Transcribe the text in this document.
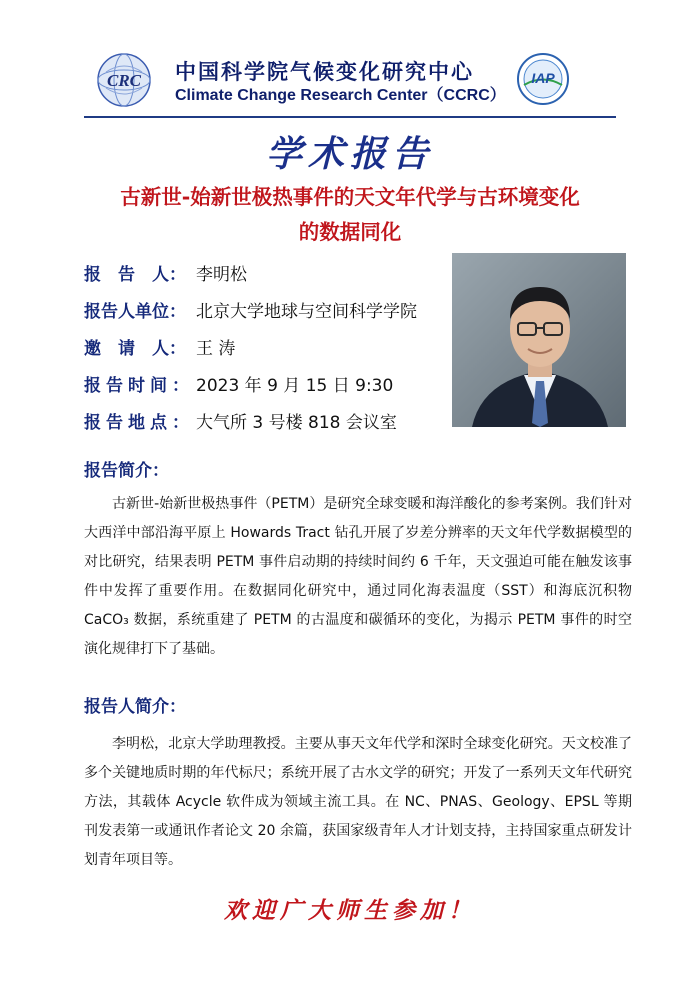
CRC 中国科学院气候变化研究中心
Climate Change Research Center（CCRC）
IAP
学术报告
古新世-始新世极热事件的天文年代学与古环境变化
的数据同化
报　告　人： 李明松
报告人单位： 北京大学地球与空间科学学院
邀　请　人： 王 涛
报告时间： 2023 年 9 月 15 日 9:30
报告地点： 大气所 3 号楼 818 会议室
报告简介：
古新世-始新世极热事件（PETM）是研究全球变暖和海洋酸化的参考案例。我们针对大西洋中部沿海平原上 Howards Tract 钻孔开展了岁差分辨率的天文年代学数据模型的对比研究，结果表明 PETM 事件启动期的持续时间约 6 千年，天文强迫可能在触发该事件中发挥了重要作用。在数据同化研究中，通过同化海表温度（SST）和海底沉积物 CaCO₃ 数据，系统重建了 PETM 的古温度和碳循环的变化，为揭示 PETM 事件的时空演化规律打下了基础。
报告人简介：
李明松，北京大学助理教授。主要从事天文年代学和深时全球变化研究。天文校准了多个关键地质时期的年代标尺；系统开展了古水文学的研究；开发了一系列天文年代研究方法，其载体 Acycle 软件成为领域主流工具。在 NC、PNAS、Geology、EPSL 等期刊发表第一或通讯作者论文 20 余篇，获国家级青年人才计划支持，主持国家重点研发计划青年项目等。
欢迎广大师生参加！
